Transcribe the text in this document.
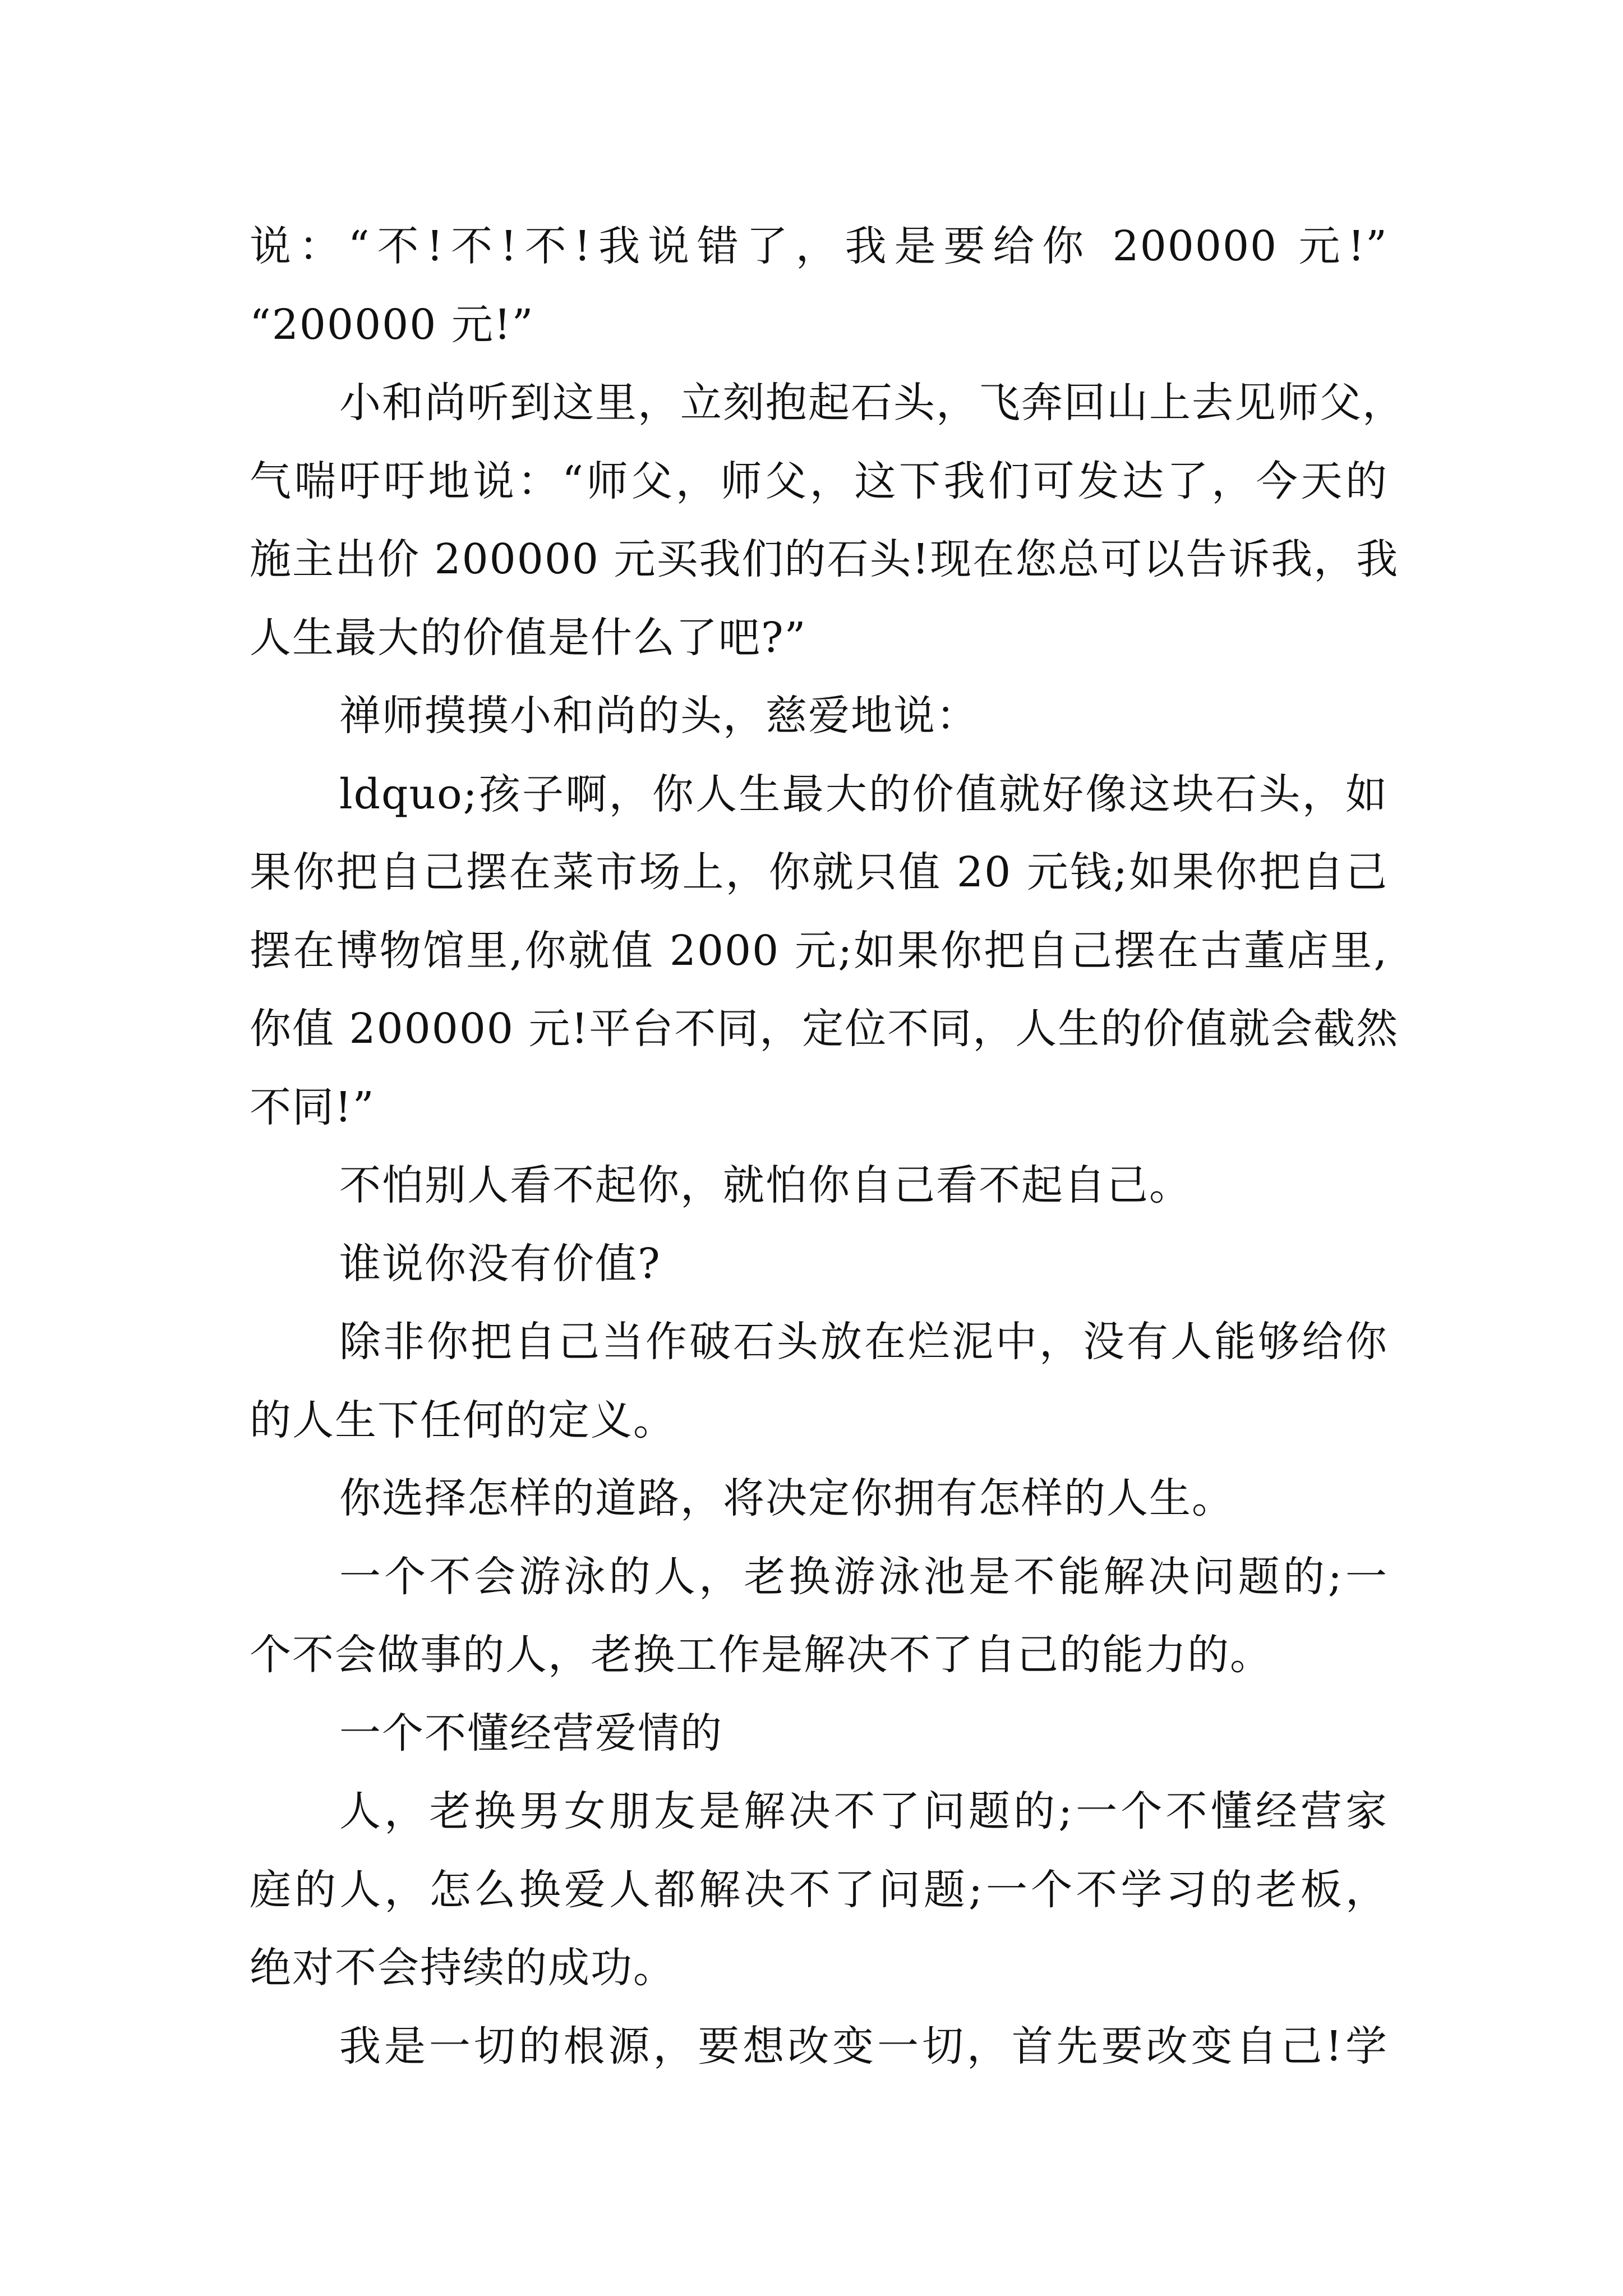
说：“不!不!不!我说错了，我是要给你 200000 元!”
“200000 元!”
小和尚听到这里，立刻抱起石头，飞奔回山上去见师父，
气喘吁吁地说：“师父，师父，这下我们可发达了，今天的
施主出价 200000 元买我们的石头!现在您总可以告诉我，我
人生最大的价值是什么了吧?”
禅师摸摸小和尚的头，慈爱地说：
ldquo;孩子啊，你人生最大的价值就好像这块石头，如
果你把自己摆在菜市场上，你就只值 20 元钱;如果你把自己
摆在博物馆里,你就值 2000 元;如果你把自己摆在古董店里,
你值 200000 元!平台不同，定位不同，人生的价值就会截然
不同!”
不怕别人看不起你，就怕你自己看不起自己。
谁说你没有价值?
除非你把自己当作破石头放在烂泥中，没有人能够给你
的人生下任何的定义。
你选择怎样的道路，将决定你拥有怎样的人生。
一个不会游泳的人，老换游泳池是不能解决问题的;一
个不会做事的人，老换工作是解决不了自己的能力的。
一个不懂经营爱情的
人，老换男女朋友是解决不了问题的;一个不懂经营家
庭的人，怎么换爱人都解决不了问题;一个不学习的老板，
绝对不会持续的成功。
我是一切的根源，要想改变一切，首先要改变自己!学
